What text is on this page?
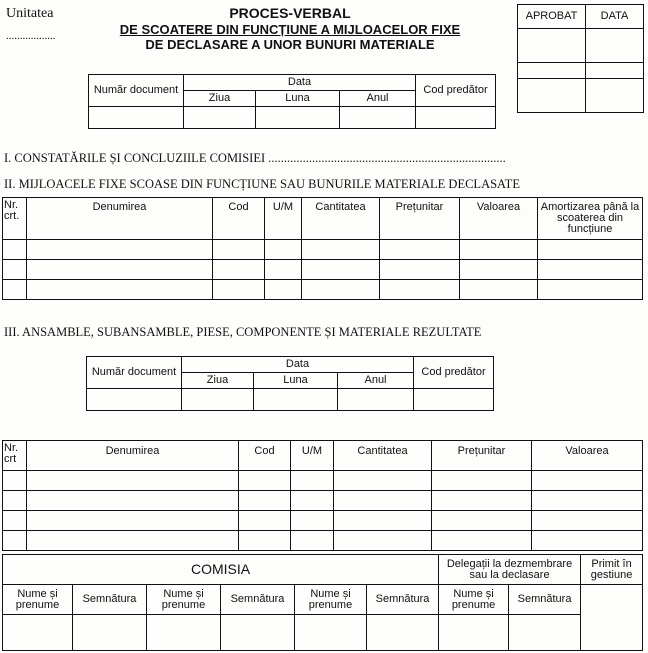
Unitatea
..................
PROCES-VERBAL
DE SCOATERE DIN FUNCȚIUNE A MIJLOACELOR FIXE
DE DECLASARE A UNOR BUNURI MATERIALE
APROBAT	DATA

Număr document	Data			Cod predător
	Ziua	Luna	Anul	

I. CONSTATĂRILE ȘI CONCLUZIILE COMISIEI ............................................................................
II. MIJLOACELE FIXE SCOASE DIN FUNCȚIUNE SAU BUNURILE MATERIALE DECLASATE
Nr. crt.	Denumirea	Cod	U/M	Cantitatea	Prețunitar	Valoarea	Amortizarea până la scoaterea din funcțiune

III. ANSAMBLE, SUBANSAMBLE, PIESE, COMPONENTE ȘI MATERIALE REZULTATE
Număr document	Data			Cod predător
	Ziua	Luna	Anul	

Nr. crt	Denumirea	Cod	U/M	Cantitatea	Prețunitar	Valoarea

COMISIA						Delegații la dezmembrare sau la declasare		Primit în gestiune
Nume și prenume	Semnătura	Nume și prenume	Semnătura	Nume și prenume	Semnătura	Nume și prenume	Semnătura	
